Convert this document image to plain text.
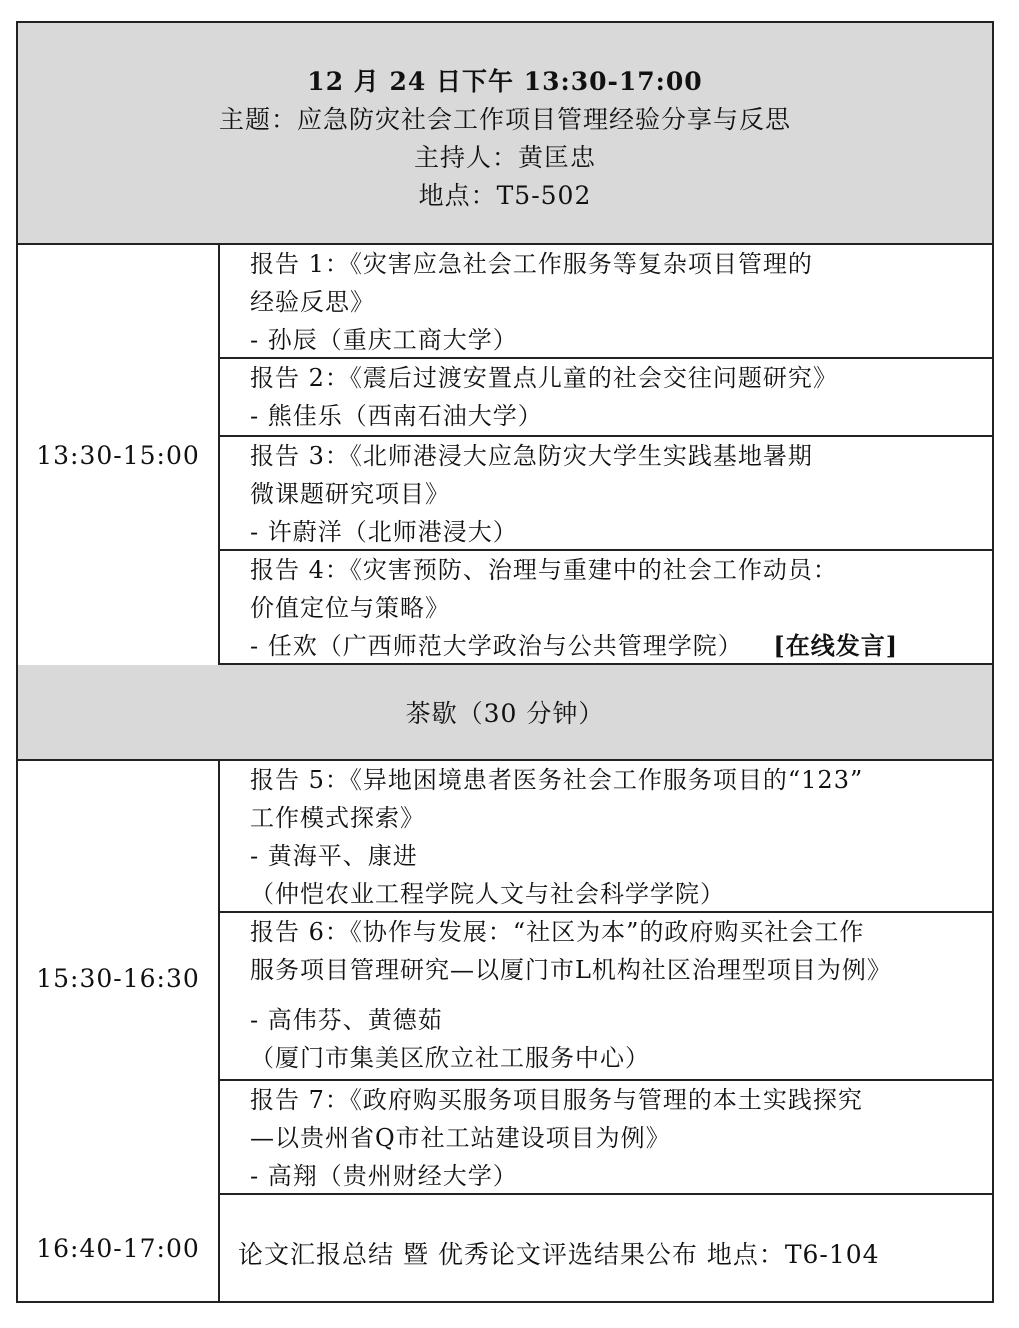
12 月 24 日下午 13:30-17:00
主题：应急防灾社会工作项目管理经验分享与反思
主持人：黄匡忠
地点：T5-502
13:30-15:00
报告 1：《灾害应急社会工作服务等复杂项目管理的
经验反思》
- 孙辰（重庆工商大学）
报告 2：《震后过渡安置点儿童的社会交往问题研究》
- 熊佳乐（西南石油大学）
报告 3：《北师港浸大应急防灾大学生实践基地暑期
微课题研究项目》
- 许蔚洋（北师港浸大）
报告 4：《灾害预防、治理与重建中的社会工作动员：
价值定位与策略》
- 任欢（广西师范大学政治与公共管理学院） [在线发言]
茶歇（30 分钟）
15:30-16:30
报告 5：《异地困境患者医务社会工作服务项目的“123”
工作模式探索》
- 黄海平、康进
（仲恺农业工程学院人文与社会科学学院）
报告 6：《协作与发展：“社区为本”的政府购买社会工作
服务项目管理研究—以厦门市L机构社区治理型项目为例》
- 高伟芬、黄德茹
（厦门市集美区欣立社工服务中心）
报告 7：《政府购买服务项目服务与管理的本土实践探究
—以贵州省Q市社工站建设项目为例》
- 高翔（贵州财经大学）
16:40-17:00	论文汇报总结 暨 优秀论文评选结果公布 地点：T6-104
